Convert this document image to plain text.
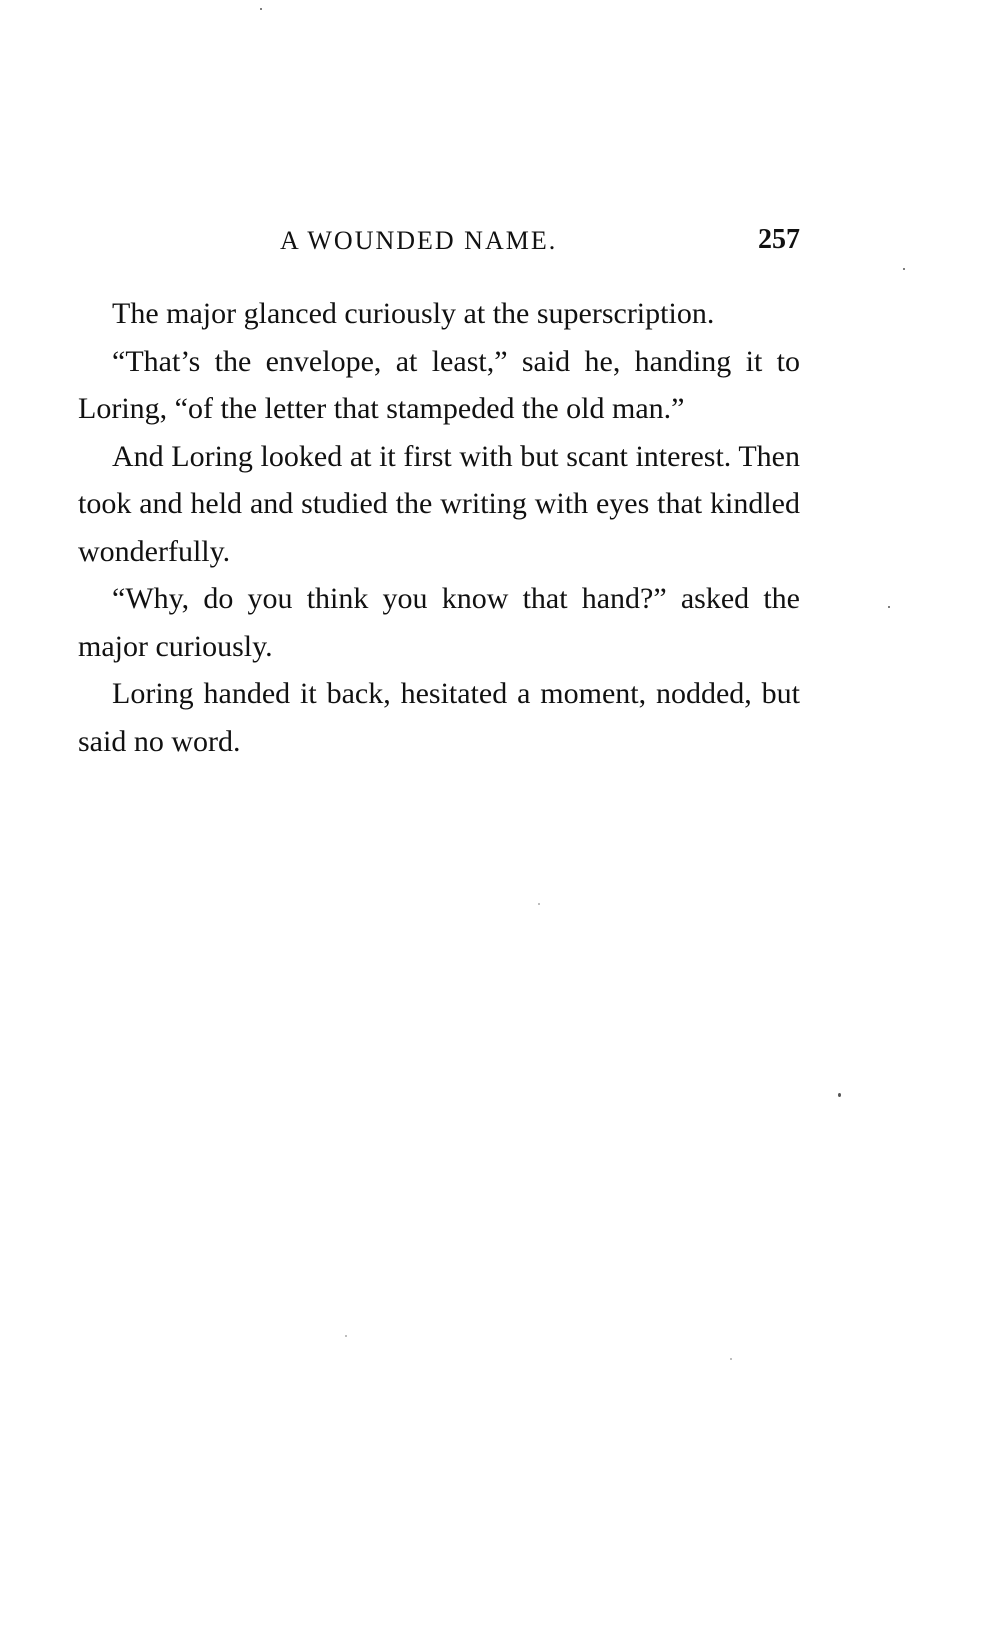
A WOUNDED NAME.	257

The major glanced curiously at the superscription.

“That’s the envelope, at least,” said he, handing it to Loring, “of the letter that stampeded the old man.”

And Loring looked at it first with but scant interest. Then took and held and studied the writing with eyes that kindled wonderfully.

“Why, do you think you know that hand?” asked the major curiously.

Loring handed it back, hesitated a moment, nodded, but said no word.
